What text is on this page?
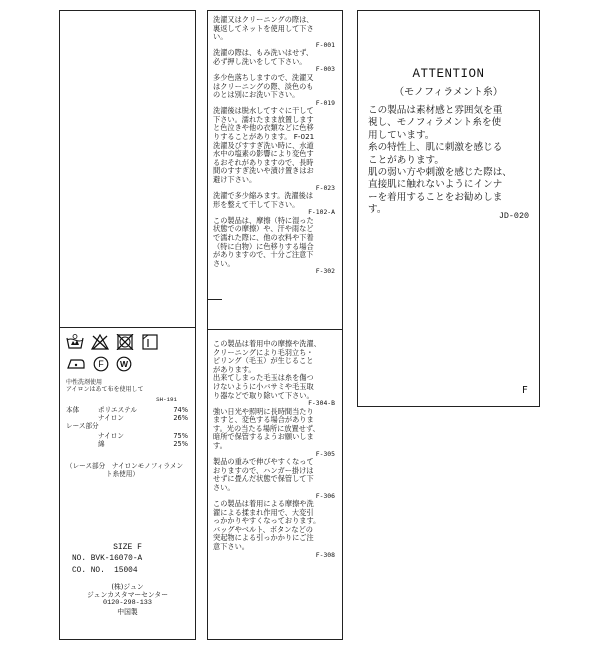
F W
中性洗剤使用
アイロンはあて布を使用して
SH-191
本体	ポリエステル	74%
ナイロン	26%
レース部分
ナイロン	75%
綿	25%
（レース部分　ナイロンモノフィラメン
ト糸使用）
SIZE F
NO. BVK-16070-A
CO. NO.  15004
(株)ジュン
ジュンカスタマーセンター
0120-298-133
中国製
洗濯又はクリーニングの際は、
裏返してネットを使用して下さ
い。
F-001
洗濯の際は、もみ洗いはせず、
必ず押し洗いをして下さい。
F-003
多少色落ちしますので、洗濯又
はクリーニングの際、淡色のも
のとは別にお洗い下さい。
F-019
洗濯後は脱水してすぐに干して
下さい。濡れたまま放置します
と色泣きや他の衣類などに色移
りすることがあります。 F-021
洗濯及びすすぎ洗い時に、水道
水中の塩素の影響により変色す
るおそれがありますので、長時
間のすすぎ洗いや漬け置きはお
避け下さい。
F-023
洗濯で多少縮みます。洗濯後は
形を整えて干して下さい。
F-102-A
この製品は、摩擦（特に湿った
状態での摩擦）や、汗や雨など
で濡れた際に、他の衣料や下着
（特に白物）に色移りする場合
がありますので、十分ご注意下
さい。
F-302
この製品は着用中の摩擦や洗濯、
クリーニングにより毛羽立ち・
ピリング（毛玉）が生じること
があります。
出来てしまった毛玉は糸を傷つ
けないように小バサミや毛玉取
り器などで取り除いて下さい。
F-304-B
強い日光や照明に長時間当たり
ますと、変色する場合がありま
す。光の当たる場所に放置せず、
暗所で保管するようお願いしま
す。
F-305
製品の重みで伸びやすくなって
おりますので、ハンガー掛けは
せずに畳んだ状態で保管して下
さい。
F-306
この製品は着用による摩擦や洗
濯による揉まれ作用で、大変引
っかかりやすくなっております。
バッグやベルト、ボタンなどの
突起物による引っかかりにご注
意下さい。
F-308
ATTENTION
（モノフィラメント糸）
この製品は素材感と雰囲気を重
視し、モノフィラメント糸を使
用しています。
糸の特性上、肌に刺激を感じる
ことがあります。
肌の弱い方や刺激を感じた際は、
直接肌に触れないようにインナ
ーを着用することをお勧めしま
す。
JD-020
F
